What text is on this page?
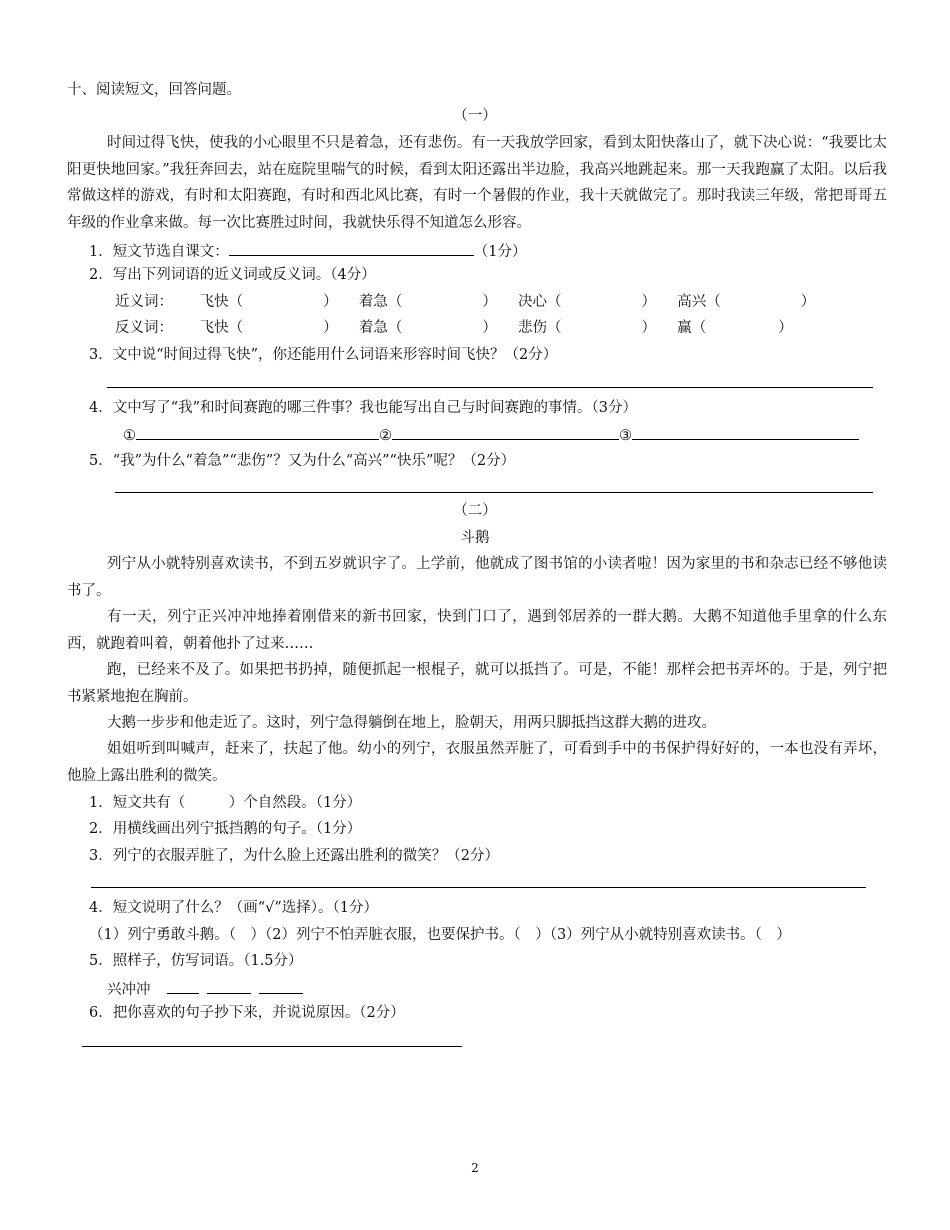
十、阅读短文，回答问题。
（一）
时间过得飞快，使我的小心眼里不只是着急，还有悲伤。有一天我放学回家，看到太阳快落山了，就下决心说：“我要比太阳更快地回家。”我狂奔回去，站在庭院里喘气的时候，看到太阳还露出半边脸，我高兴地跳起来。那一天我跑赢了太阳。以后我常做这样的游戏，有时和太阳赛跑，有时和西北风比赛，有时一个暑假的作业，我十天就做完了。那时我读三年级，常把哥哥五年级的作业拿来做。每一次比赛胜过时间，我就快乐得不知道怎么形容。
1．短文节选自课文：	（1分）
2．写出下列词语的近义词或反义词。（4分）
近义词： 飞快（	） 着急（	） 决心（	） 高兴（	）
反义词： 飞快（	） 着急（	） 悲伤（	） 赢（	）
3．文中说“时间过得飞快”，你还能用什么词语来形容时间飞快？（2分）
4．文中写了“我”和时间赛跑的哪三件事？我也能写出自己与时间赛跑的事情。（3分）
①	②	③
5．“我”为什么“着急”“悲伤”？又为什么“高兴”“快乐”呢？（2分）
（二）
斗鹅
列宁从小就特别喜欢读书，不到五岁就识字了。上学前，他就成了图书馆的小读者啦！因为家里的书和杂志已经不够他读书了。
有一天，列宁正兴冲冲地捧着刚借来的新书回家，快到门口了，遇到邻居养的一群大鹅。大鹅不知道他手里拿的什么东西，就跑着叫着，朝着他扑了过来……
跑，已经来不及了。如果把书扔掉，随便抓起一根棍子，就可以抵挡了。可是，不能！那样会把书弄坏的。于是，列宁把书紧紧地抱在胸前。
大鹅一步步和他走近了。这时，列宁急得躺倒在地上，脸朝天，用两只脚抵挡这群大鹅的进攻。
姐姐听到叫喊声，赶来了，扶起了他。幼小的列宁，衣服虽然弄脏了，可看到手中的书保护得好好的，一本也没有弄坏，他脸上露出胜利的微笑。
1．短文共有（　　　）个自然段。（1分）
2．用横线画出列宁抵挡鹅的句子。（1分）
3．列宁的衣服弄脏了，为什么脸上还露出胜利的微笑？（2分）
4．短文说明了什么？（画“√”选择）。（1分）
（1）列宁勇敢斗鹅。（　）（2）列宁不怕弄脏衣服，也要保护书。（　）（3）列宁从小就特别喜欢读书。（　）
5．照样子，仿写词语。（1.5分）
兴冲冲
6．把你喜欢的句子抄下来，并说说原因。（2分）
2
